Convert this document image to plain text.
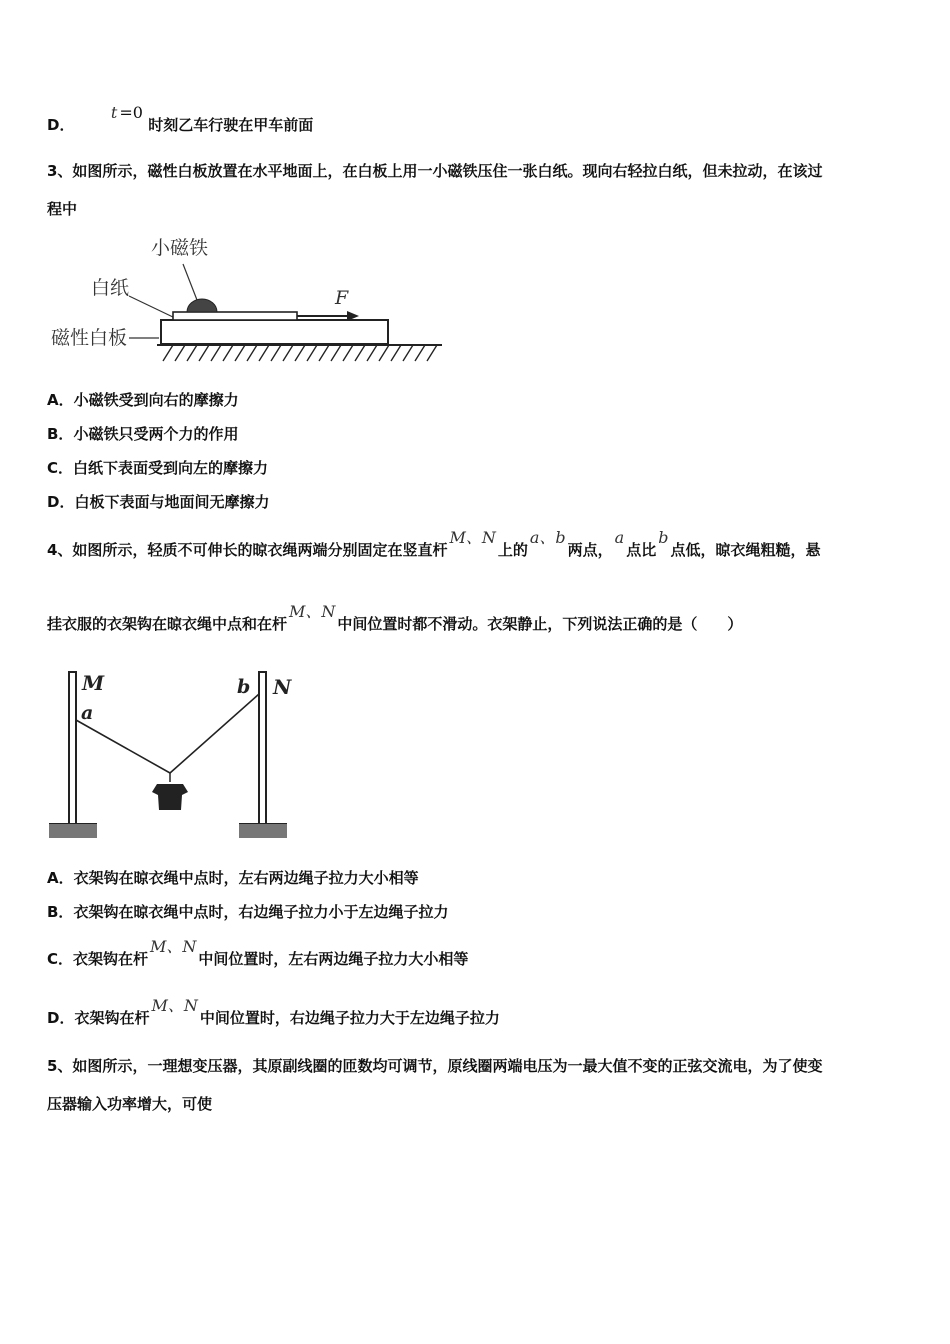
D．  t =0 时刻乙车行驶在甲车前面
3、如图所示，磁性白板放置在水平地面上，在白板上用一小磁铁压住一张白纸。现向右轻拉白纸，但未拉动，在该过
程中
小磁铁
白纸
磁性白板
F
A．小磁铁受到向右的摩擦力
B．小磁铁只受两个力的作用
C．白纸下表面受到向左的摩擦力
D．白板下表面与地面间无摩擦力
4、如图所示，轻质不可伸长的晾衣绳两端分别固定在竖直杆M、N上的a、b两点，a点比b点低，晾衣绳粗糙，悬
挂衣服的衣架钩在晾衣绳中点和在杆M、N中间位置时都不滑动。衣架静止，下列说法正确的是（　　）
M
a
b N
A．衣架钩在晾衣绳中点时，左右两边绳子拉力大小相等
B．衣架钩在晾衣绳中点时，右边绳子拉力小于左边绳子拉力
C．衣架钩在杆M、N中间位置时，左右两边绳子拉力大小相等
D．衣架钩在杆M、N中间位置时，右边绳子拉力大于左边绳子拉力
5、如图所示，一理想变压器，其原副线圈的匝数均可调节，原线圈两端电压为一最大值不变的正弦交流电，为了使变
压器输入功率增大，可使
